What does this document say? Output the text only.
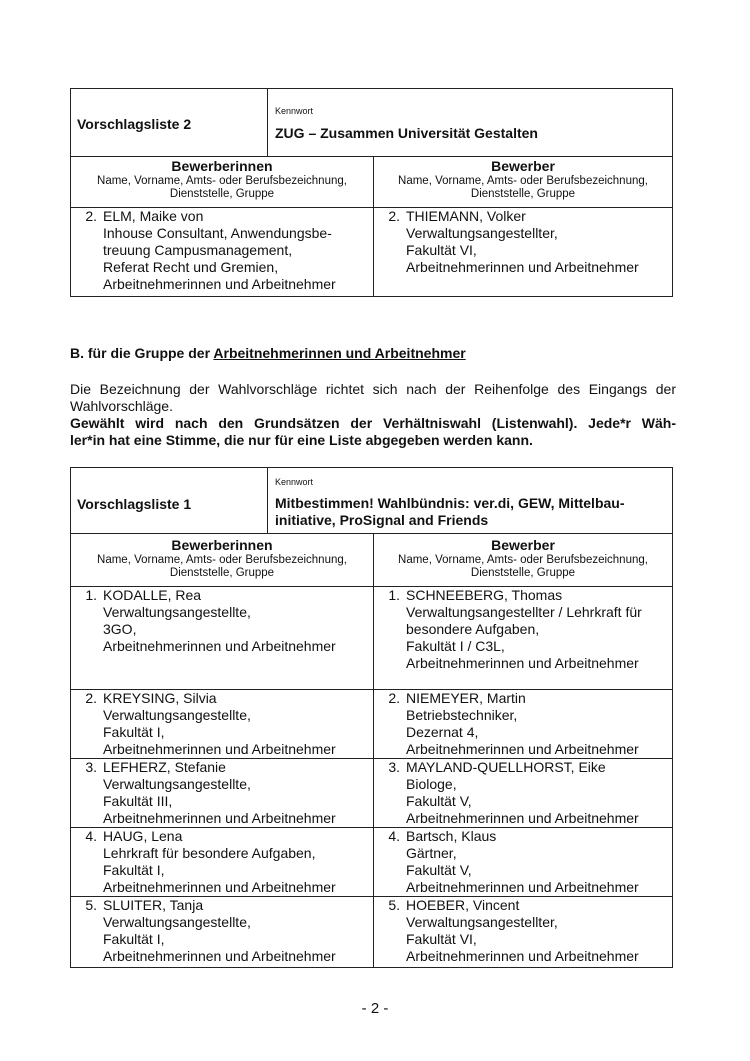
Vorschlagsliste 2
Kennwort
ZUG – Zusammen Universität Gestalten
Bewerberinnen
Name, Vorname, Amts- oder Berufsbezeichnung,
Dienststelle, Gruppe
2. ELM, Maike von
Inhouse Consultant, Anwendungsbe-
treuung Campusmanagement,
Referat Recht und Gremien,
Arbeitnehmerinnen und Arbeitnehmer
Bewerber
Name, Vorname, Amts- oder Berufsbezeichnung,
Dienststelle, Gruppe
2. THIEMANN, Volker
Verwaltungsangestellter,
Fakultät VI,
Arbeitnehmerinnen und Arbeitnehmer
B. für die Gruppe der Arbeitnehmerinnen und Arbeitnehmer
Die Bezeichnung der Wahlvorschläge richtet sich nach der Reihenfolge des Eingangs der
Wahlvorschläge.
Gewählt wird nach den Grundsätzen der Verhältniswahl (Listenwahl). Jede*r Wäh-
ler*in hat eine Stimme, die nur für eine Liste abgegeben werden kann.
Vorschlagsliste 1
Kennwort
Mitbestimmen! Wahlbündnis: ver.di, GEW, Mittelbau-
initiative, ProSignal and Friends
Bewerberinnen
Name, Vorname, Amts- oder Berufsbezeichnung,
Dienststelle, Gruppe
1. KODALLE, Rea
Verwaltungsangestellte,
3GO,
Arbeitnehmerinnen und Arbeitnehmer
2. KREYSING, Silvia
Verwaltungsangestellte,
Fakultät I,
Arbeitnehmerinnen und Arbeitnehmer
3. LEFHERZ, Stefanie
Verwaltungsangestellte,
Fakultät III,
Arbeitnehmerinnen und Arbeitnehmer
4. HAUG, Lena
Lehrkraft für besondere Aufgaben,
Fakultät I,
Arbeitnehmerinnen und Arbeitnehmer
5. SLUITER, Tanja
Verwaltungsangestellte,
Fakultät I,
Arbeitnehmerinnen und Arbeitnehmer
Bewerber
Name, Vorname, Amts- oder Berufsbezeichnung,
Dienststelle, Gruppe
1. SCHNEEBERG, Thomas
Verwaltungsangestellter / Lehrkraft für
besondere Aufgaben,
Fakultät I / C3L,
Arbeitnehmerinnen und Arbeitnehmer
2. NIEMEYER, Martin
Betriebstechniker,
Dezernat 4,
Arbeitnehmerinnen und Arbeitnehmer
3. MAYLAND-QUELLHORST, Eike
Biologe,
Fakultät V,
Arbeitnehmerinnen und Arbeitnehmer
4. Bartsch, Klaus
Gärtner,
Fakultät V,
Arbeitnehmerinnen und Arbeitnehmer
5. HOEBER, Vincent
Verwaltungsangestellter,
Fakultät VI,
Arbeitnehmerinnen und Arbeitnehmer
- 2 -
